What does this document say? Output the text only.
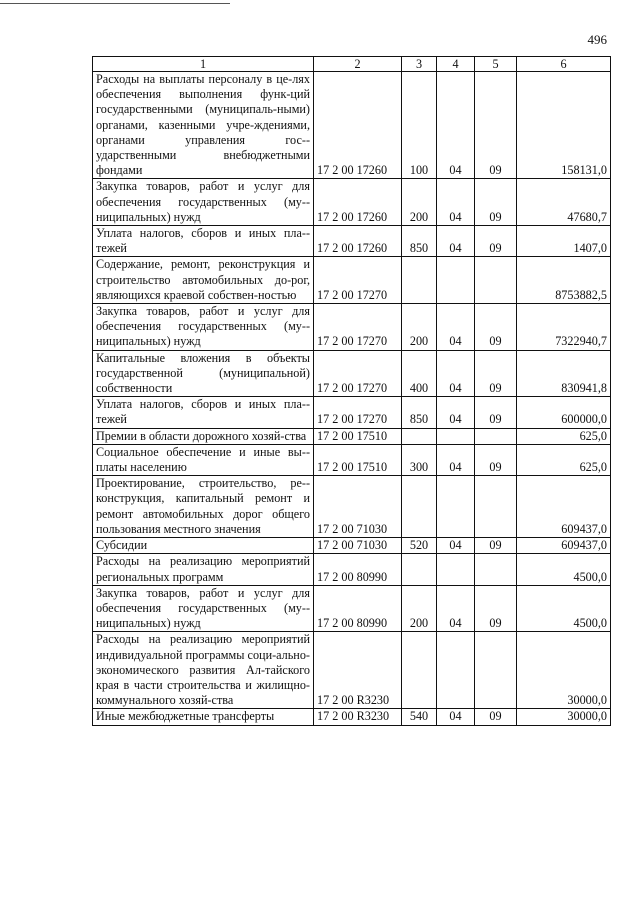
496
1	2	3	4	5	6
Расходы на выплаты персоналу в це-лях обеспечения выполнения функ-ций государственными (муниципаль-ными) органами, казенными учре-ждениями, органами управления гос-ударственными внебюджетными фондами	17 2 00 17260	100	04	09	158131,0
Закупка товаров, работ и услуг для обеспечения государственных (му-ниципальных) нужд	17 2 00 17260	200	04	09	47680,7
Уплата налогов, сборов и иных пла-тежей	17 2 00 17260	850	04	09	1407,0
Содержание, ремонт, реконструкция и строительство автомобильных до-рог, являющихся краевой собствен-ностью	17 2 00 17270				8753882,5
Закупка товаров, работ и услуг для обеспечения государственных (му-ниципальных) нужд	17 2 00 17270	200	04	09	7322940,7
Капитальные вложения в объекты государственной (муниципальной) собственности	17 2 00 17270	400	04	09	830941,8
Уплата налогов, сборов и иных пла-тежей	17 2 00 17270	850	04	09	600000,0
Премии в области дорожного хозяй-ства	17 2 00 17510				625,0
Социальное обеспечение и иные вы-платы населению	17 2 00 17510	300	04	09	625,0
Проектирование, строительство, ре-конструкция, капитальный ремонт и ремонт автомобильных дорог общего пользования местного значения	17 2 00 71030				609437,0
Субсидии	17 2 00 71030	520	04	09	609437,0
Расходы на реализацию мероприятий региональных программ	17 2 00 80990				4500,0
Закупка товаров, работ и услуг для обеспечения государственных (му-ниципальных) нужд	17 2 00 80990	200	04	09	4500,0
Расходы на реализацию мероприятий индивидуальной программы соци-ально-экономического развития Ал-тайского края в части строительства и жилищно-коммунального хозяй-ства	17 2 00 R3230				30000,0
Иные межбюджетные трансферты	17 2 00 R3230	540	04	09	30000,0
